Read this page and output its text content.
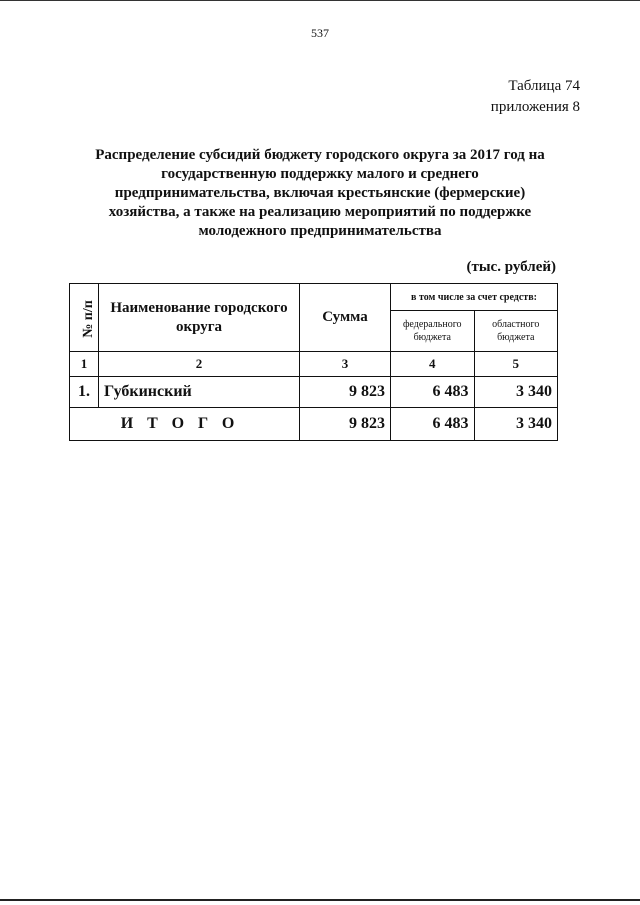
537
Таблица 74
приложения 8
Распределение субсидий бюджету городского округа за 2017 год на
государственную поддержку малого и среднего
предпринимательства, включая крестьянские (фермерские)
хозяйства, а также на реализацию мероприятий по поддержке
молодежного предпринимательства
(тыс. рублей)
№ п/п	Наименование городского округа	Сумма	в том числе за счет средств:	
			федерального бюджета	областного бюджета
1	2	3	4	5
1.	Губкинский	9 823	6 483	3 340
ИТОГО		9 823	6 483	3 340
